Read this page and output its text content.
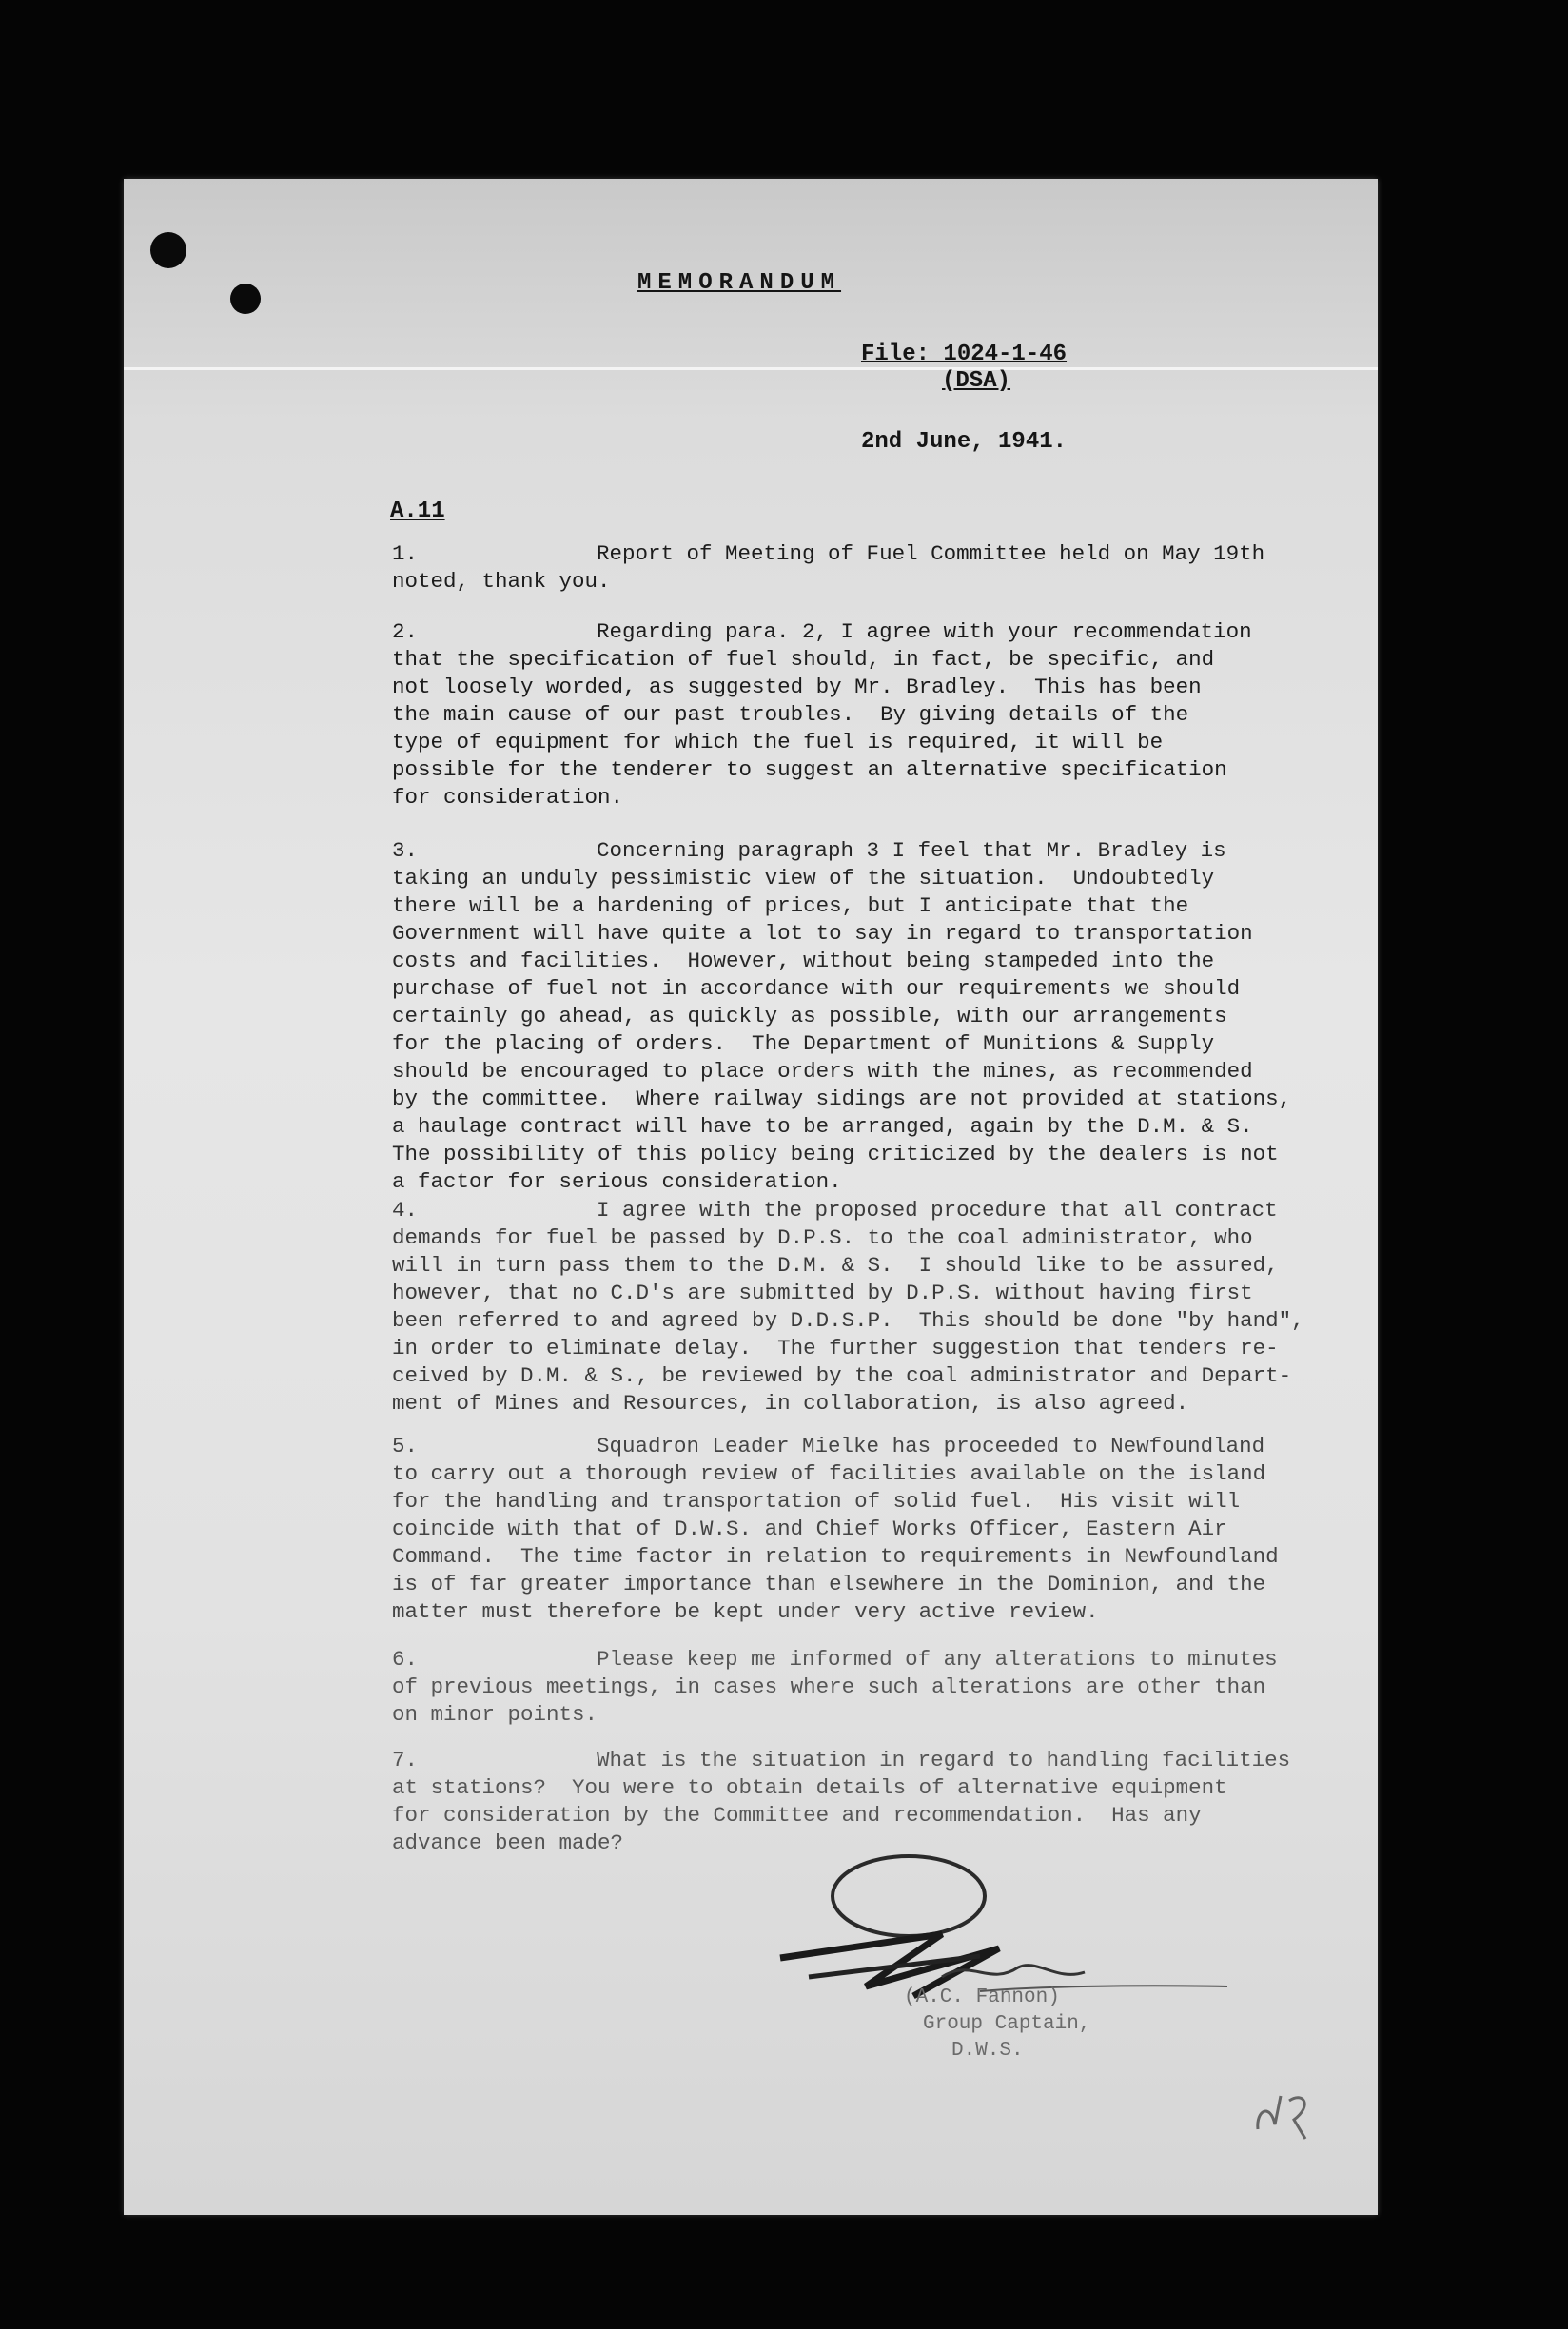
MEMORANDUM
File: 1024-1-46
(DSA)
2nd June, 1941.
A.11
1.	Report of Meeting of Fuel Committee held on May 19th
noted, thank you.
2.	Regarding para. 2, I agree with your recommendation
that the specification of fuel should, in fact, be specific, and
not loosely worded, as suggested by Mr. Bradley.  This has been
the main cause of our past troubles.  By giving details of the
type of equipment for which the fuel is required, it will be
possible for the tenderer to suggest an alternative specification
for consideration.
3.	Concerning paragraph 3 I feel that Mr. Bradley is
taking an unduly pessimistic view of the situation.  Undoubtedly
there will be a hardening of prices, but I anticipate that the
Government will have quite a lot to say in regard to transportation
costs and facilities.  However, without being stampeded into the
purchase of fuel not in accordance with our requirements we should
certainly go ahead, as quickly as possible, with our arrangements
for the placing of orders.  The Department of Munitions & Supply
should be encouraged to place orders with the mines, as recommended
by the committee.  Where railway sidings are not provided at stations,
a haulage contract will have to be arranged, again by the D.M. & S.
The possibility of this policy being criticized by the dealers is not
a factor for serious consideration.
4.	I agree with the proposed procedure that all contract
demands for fuel be passed by D.P.S. to the coal administrator, who
will in turn pass them to the D.M. & S.  I should like to be assured,
however, that no C.D's are submitted by D.P.S. without having first
been referred to and agreed by D.D.S.P.  This should be done "by hand",
in order to eliminate delay.  The further suggestion that tenders re-
ceived by D.M. & S., be reviewed by the coal administrator and Depart-
ment of Mines and Resources, in collaboration, is also agreed.
5.	Squadron Leader Mielke has proceeded to Newfoundland
to carry out a thorough review of facilities available on the island
for the handling and transportation of solid fuel.  His visit will
coincide with that of D.W.S. and Chief Works Officer, Eastern Air
Command.  The time factor in relation to requirements in Newfoundland
is of far greater importance than elsewhere in the Dominion, and the
matter must therefore be kept under very active review.
6.	Please keep me informed of any alterations to minutes
of previous meetings, in cases where such alterations are other than
on minor points.
7.	What is the situation in regard to handling facilities
at stations?  You were to obtain details of alternative equipment
for consideration by the Committee and recommendation.  Has any
advance been made?
(A.C. Fannon)
Group Captain,
D.W.S.
